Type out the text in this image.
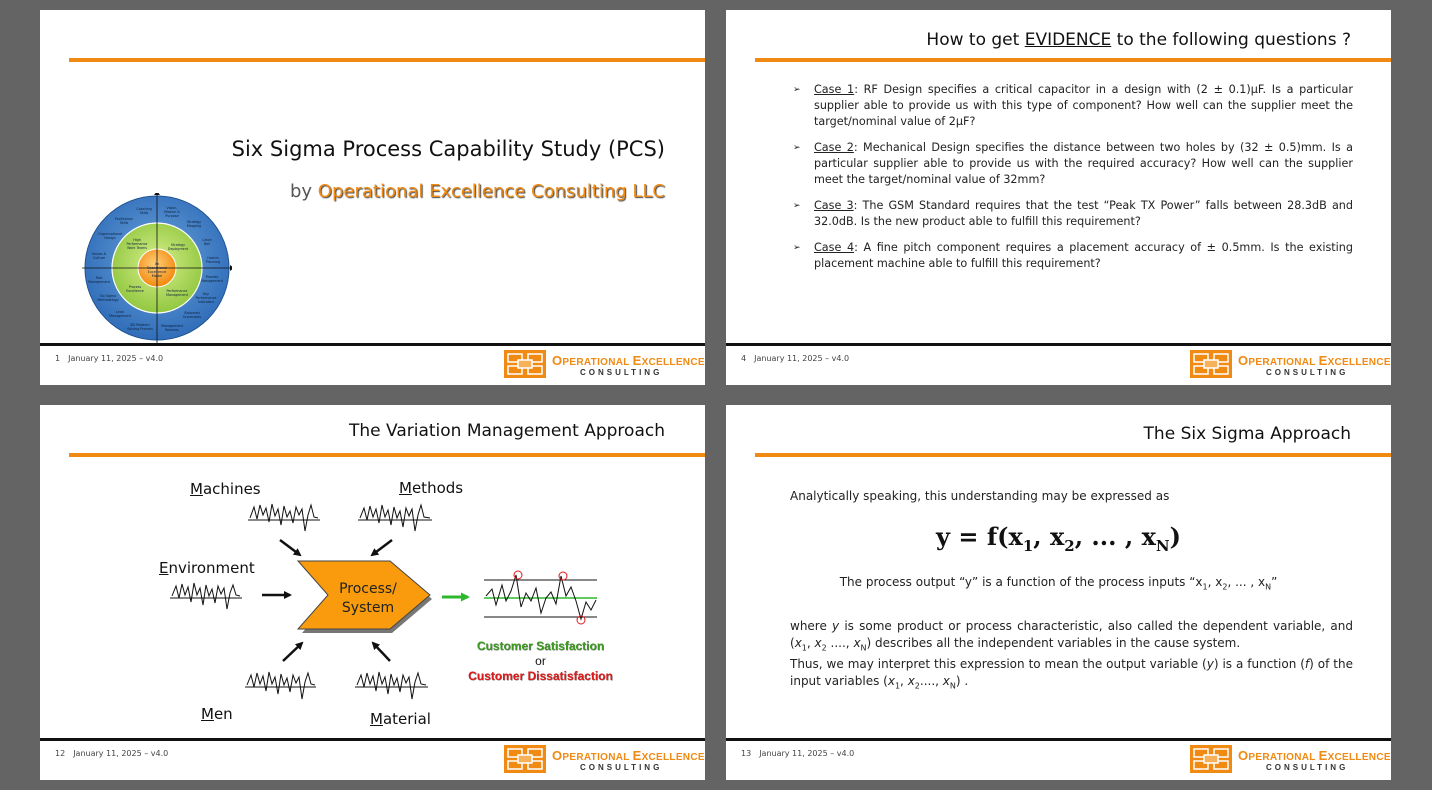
Six Sigma Process Capability Study (PCS)
by Operational Excellence Consulting LLC
An
Operational
Excellence
Model
High
Performance
Work Teams
Strategy
Deployment
Performance
Management
Process
Excellence
Coaching
Skills
Vision,
Mission &
Purpose
Facilitation
Skills	Strategy
Mapping
Organizational
Design	Catch
Ball
Values &
Culture	Hoshin
Planning
Risk
Management
Process
Management
Six Sigma
Methodology
Key
Performance
Indicators
Lean
Management
Balanced
Scorecards
8D Problem
Solving Process
Management
Reviews
1 January 11, 2025 – v4.0	OPERATIONAL EXCELLENCE
CONSULTING
How to get EVIDENCE to the following questions ?
➢ Case 1: RF Design specifies a critical capacitor in a design with (2 ± 0.1)µF. Is a particular supplier able to provide us with this type of component? How well can the supplier meet the target/nominal value of 2µF?
➢ Case 2: Mechanical Design specifies the distance between two holes by (32 ± 0.5)mm. Is a particular supplier able to provide us with the required accuracy? How well can the supplier meet the target/nominal value of 32mm?
➢ Case 3: The GSM Standard requires that the test “Peak TX Power” falls between 28.3dB and 32.0dB. Is the new product able to fulfill this requirement?
➢ Case 4: A fine pitch component requires a placement accuracy of ± 0.5mm. Is the existing placement machine able to fulfill this requirement?
4 January 11, 2025 – v4.0	OPERATIONAL EXCELLENCE
CONSULTING
The Variation Management Approach
Machines	Methods
Environment
Men	Material
Process/
System
Customer Satisfaction
or
Customer Dissatisfaction
12 January 11, 2025 – v4.0	OPERATIONAL EXCELLENCE
CONSULTING
The Six Sigma Approach
Analytically speaking, this understanding may be expressed as
$y = f(x_1$, $x_2$, ... , $x_N$)
The process output “y” is a function of the process inputs “$x_1$, $x_2$, ... , $x_N$”
where y is some product or process characteristic, also called the dependent variable, and ($x_1$, $x_2$ ...., $x_N$) describes all the independent variables in the cause system.
Thus, we may interpret this expression to mean the output variable (y) is a function (f) of the input variables ($x_1$, $x_2$...., $x_N$) .
13 January 11, 2025 – v4.0	OPERATIONAL EXCELLENCE
CONSULTING
